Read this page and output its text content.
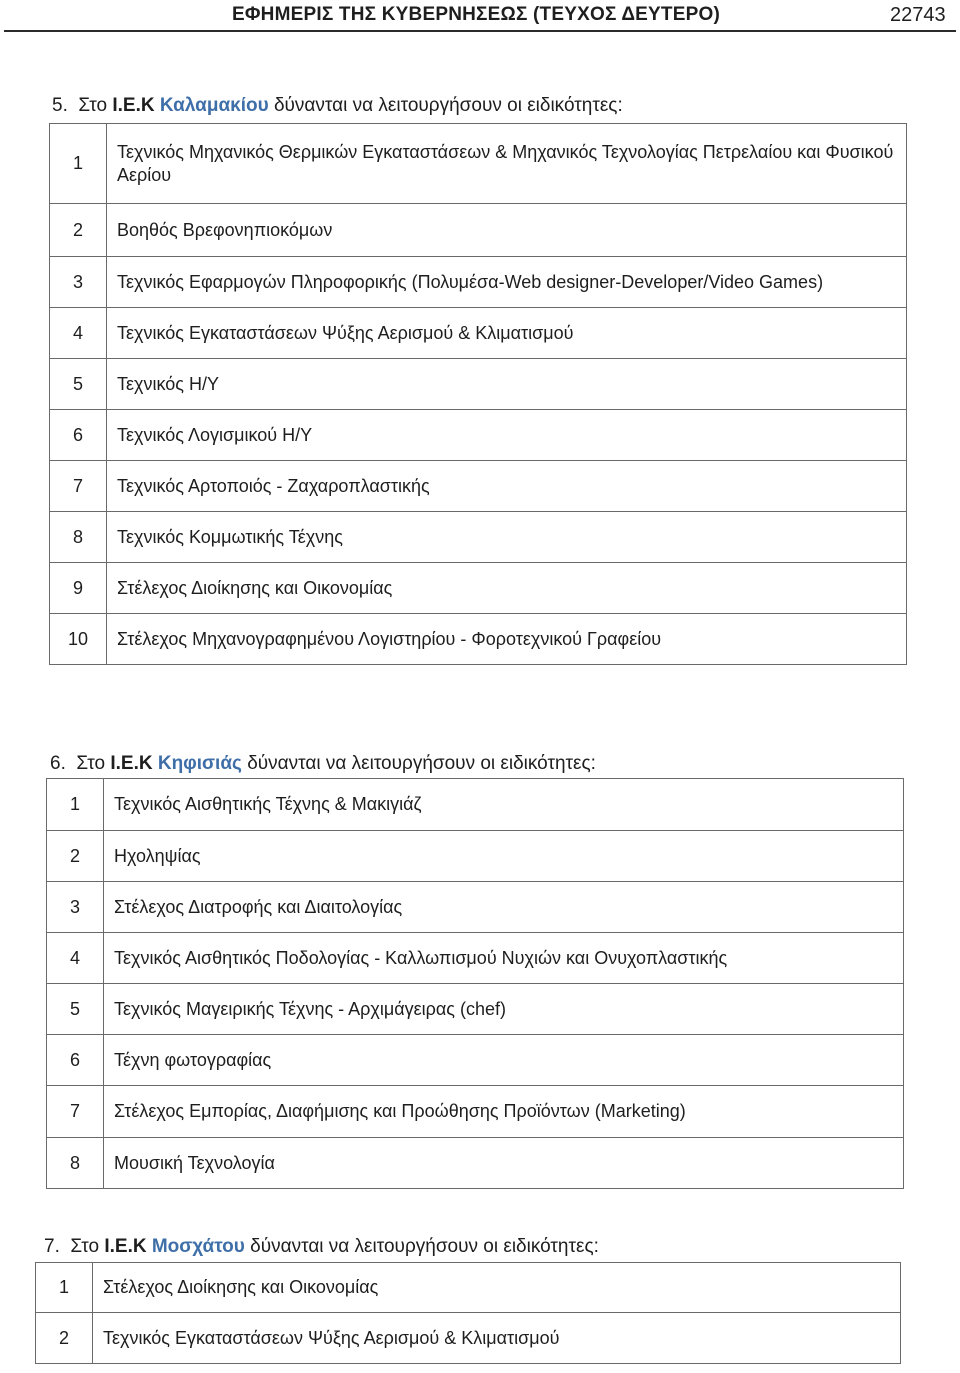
ΕΦΗΜΕΡΙΣ ΤΗΣ ΚΥΒΕΡΝΗΣΕΩΣ (ΤΕΥΧΟΣ ΔΕΥΤΕΡΟ)	22743
5. Στο Ι.Ε.Κ Καλαμακίου δύνανται να λειτουργήσουν οι ειδικότητες:
1	Τεχνικός Μηχανικός Θερμικών Εγκαταστάσεων & Μηχανικός Τεχνολογίας Πετρελαίου και Φυσικού Αερίου
2	Βοηθός Βρεφονηπιοκόμων
3	Τεχνικός Εφαρμογών Πληροφορικής (Πολυμέσα-Web designer-Developer/Video Games)
4	Τεχνικός Εγκαταστάσεων Ψύξης Αερισμού & Κλιματισμού
5	Τεχνικός Η/Υ
6	Τεχνικός Λογισμικού Η/Υ
7	Τεχνικός Αρτοποιός - Ζαχαροπλαστικής
8	Τεχνικός Κομμωτικής Τέχνης
9	Στέλεχος Διοίκησης και Οικονομίας
10	Στέλεχος Μηχανογραφημένου Λογιστηρίου - Φοροτεχνικού Γραφείου
6. Στο Ι.Ε.Κ Κηφισιάς δύνανται να λειτουργήσουν οι ειδικότητες:
1	Τεχνικός Αισθητικής Τέχνης & Μακιγιάζ
2	Ηχοληψίας
3	Στέλεχος Διατροφής και Διαιτολογίας
4	Τεχνικός Αισθητικός Ποδολογίας - Καλλωπισμού Νυχιών και Ονυχοπλαστικής
5	Τεχνικός Μαγειρικής Τέχνης - Αρχιμάγειρας (chef)
6	Τέχνη φωτογραφίας
7	Στέλεχος Εμπορίας, Διαφήμισης και Προώθησης Προϊόντων (Marketing)
8	Μουσική Τεχνολογία
7. Στο Ι.Ε.Κ Μοσχάτου δύνανται να λειτουργήσουν οι ειδικότητες:
1	Στέλεχος Διοίκησης και Οικονομίας
2	Τεχνικός Εγκαταστάσεων Ψύξης Αερισμού & Κλιματισμού
